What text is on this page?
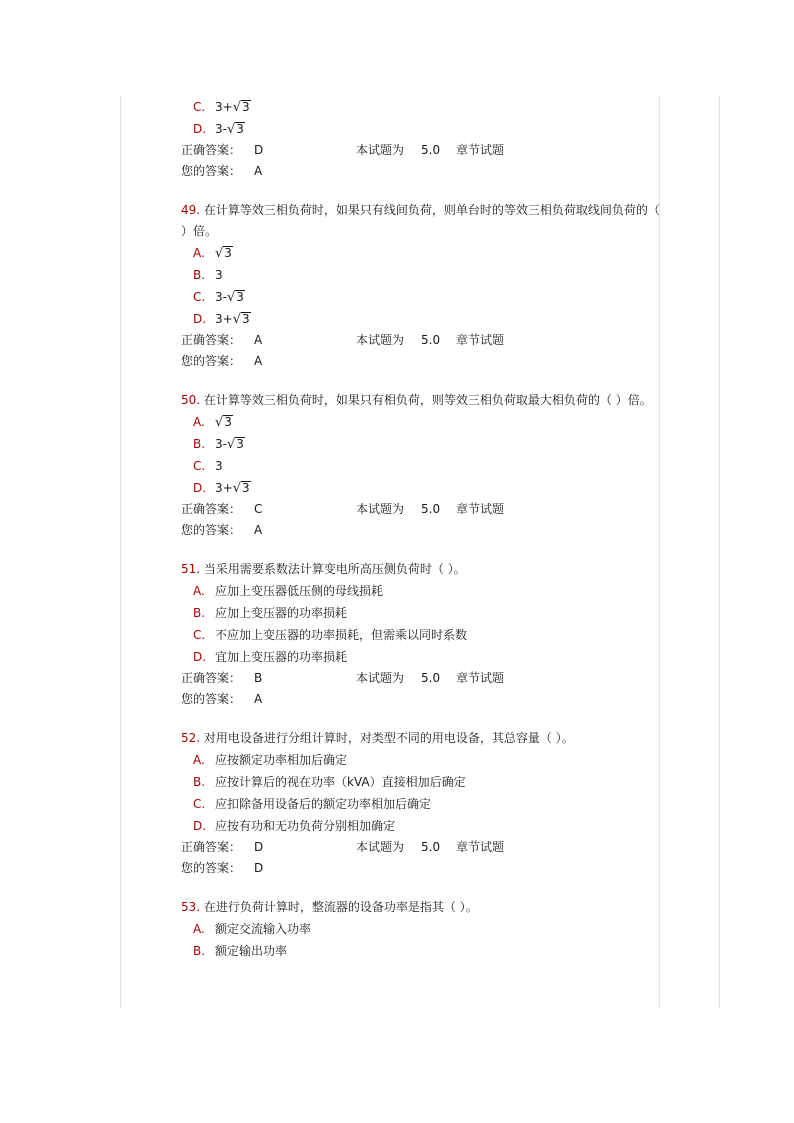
C. 3+√3
D. 3-√3
正确答案： D	本试题为 5.0 章节试题
您的答案： A
49. 在计算等效三相负荷时，如果只有线间负荷，则单台时的等效三相负荷取线间负荷的（ ）倍。
A. √3
B. 3
C. 3-√3
D. 3+√3
正确答案： A	本试题为 5.0 章节试题
您的答案： A
50. 在计算等效三相负荷时，如果只有相负荷，则等效三相负荷取最大相负荷的（ ）倍。
A. √3
B. 3-√3
C. 3
D. 3+√3
正确答案： C	本试题为 5.0 章节试题
您的答案： A
51. 当采用需要系数法计算变电所高压侧负荷时（ ）。
A. 应加上变压器低压侧的母线损耗
B. 应加上变压器的功率损耗
C. 不应加上变压器的功率损耗，但需乘以同时系数
D. 宜加上变压器的功率损耗
正确答案： B	本试题为 5.0 章节试题
您的答案： A
52. 对用电设备进行分组计算时，对类型不同的用电设备，其总容量（ ）。
A. 应按额定功率相加后确定
B. 应按计算后的视在功率（kVA）直接相加后确定
C. 应扣除备用设备后的额定功率相加后确定
D. 应按有功和无功负荷分别相加确定
正确答案： D	本试题为 5.0 章节试题
您的答案： D
53. 在进行负荷计算时，整流器的设备功率是指其（ ）。
A. 额定交流输入功率
B. 额定输出功率
